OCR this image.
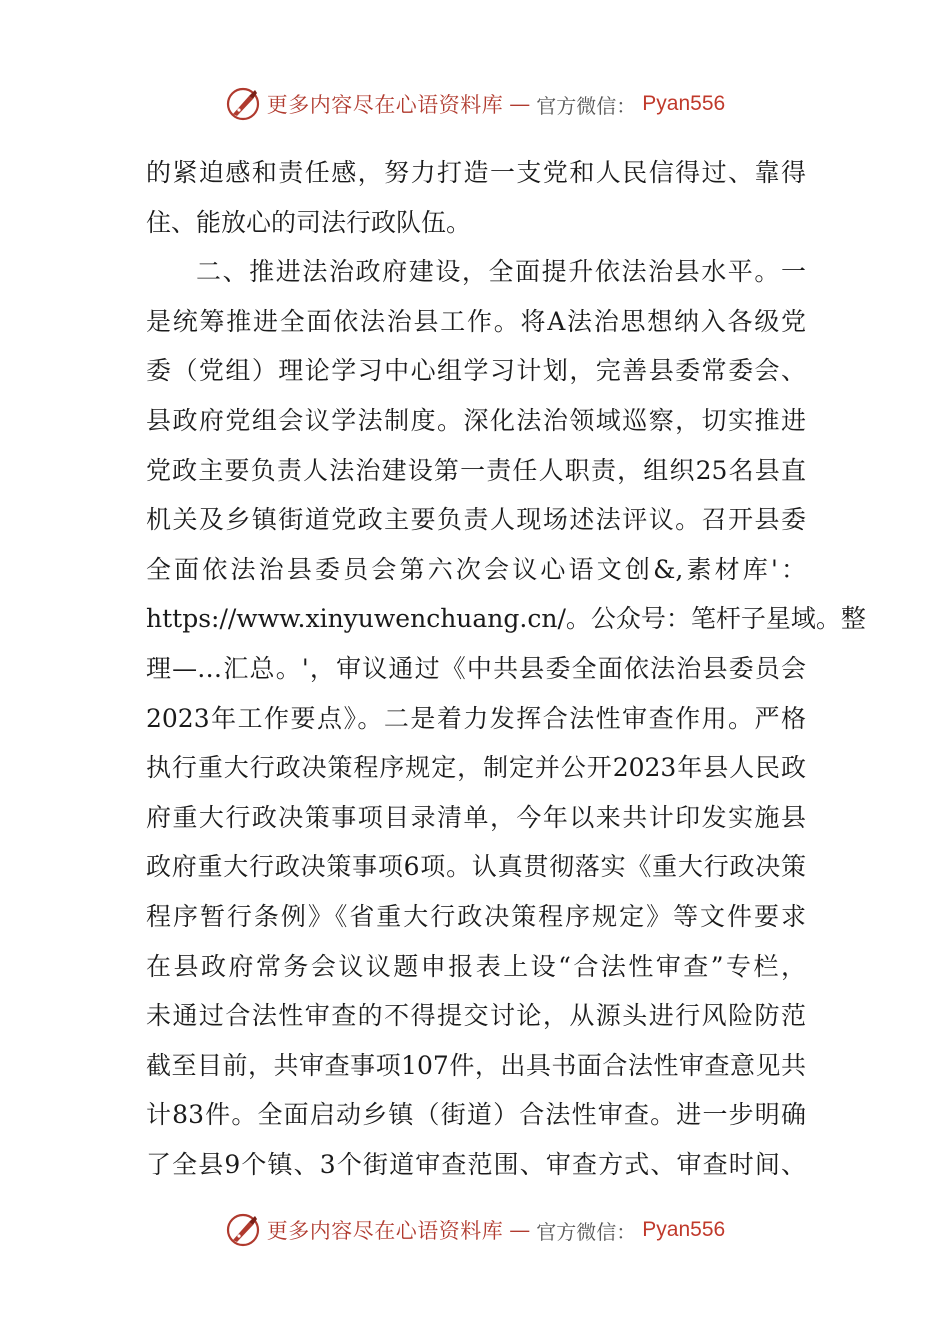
更多内容尽在心语资料库 — 官方微信： Pyan556
的紧迫感和责任感，努力打造一支党和人民信得过、靠得
住、能放心的司法行政队伍。
二、推进法治政府建设，全面提升依法治县水平。一
是统筹推进全面依法治县工作。将A法治思想纳入各级党
委（党组）理论学习中心组学习计划，完善县委常委会、
县政府党组会议学法制度。深化法治领域巡察，切实推进
党政主要负责人法治建设第一责任人职责，组织25名县直
机关及乡镇街道党政主要负责人现场述法评议。召开县委
全面依法治县委员会第六次会议心语文创&,素材库'：
https://www.xinyuwenchuang.cn/。公众号：笔杆子星域。整
理—…汇总。'，审议通过《中共县委全面依法治县委员会
2023年工作要点》。二是着力发挥合法性审查作用。严格
执行重大行政决策程序规定，制定并公开2023年县人民政
府重大行政决策事项目录清单，今年以来共计印发实施县
政府重大行政决策事项6项。认真贯彻落实《重大行政决策
程序暂行条例》《省重大行政决策程序规定》等文件要求
在县政府常务会议议题申报表上设“合法性审查”专栏，
未通过合法性审查的不得提交讨论，从源头进行风险防范
截至目前，共审查事项107件，出具书面合法性审查意见共
计83件。全面启动乡镇（街道）合法性审查。进一步明确
了全县9个镇、3个街道审查范围、审查方式、审查时间、
更多内容尽在心语资料库 — 官方微信： Pyan556
